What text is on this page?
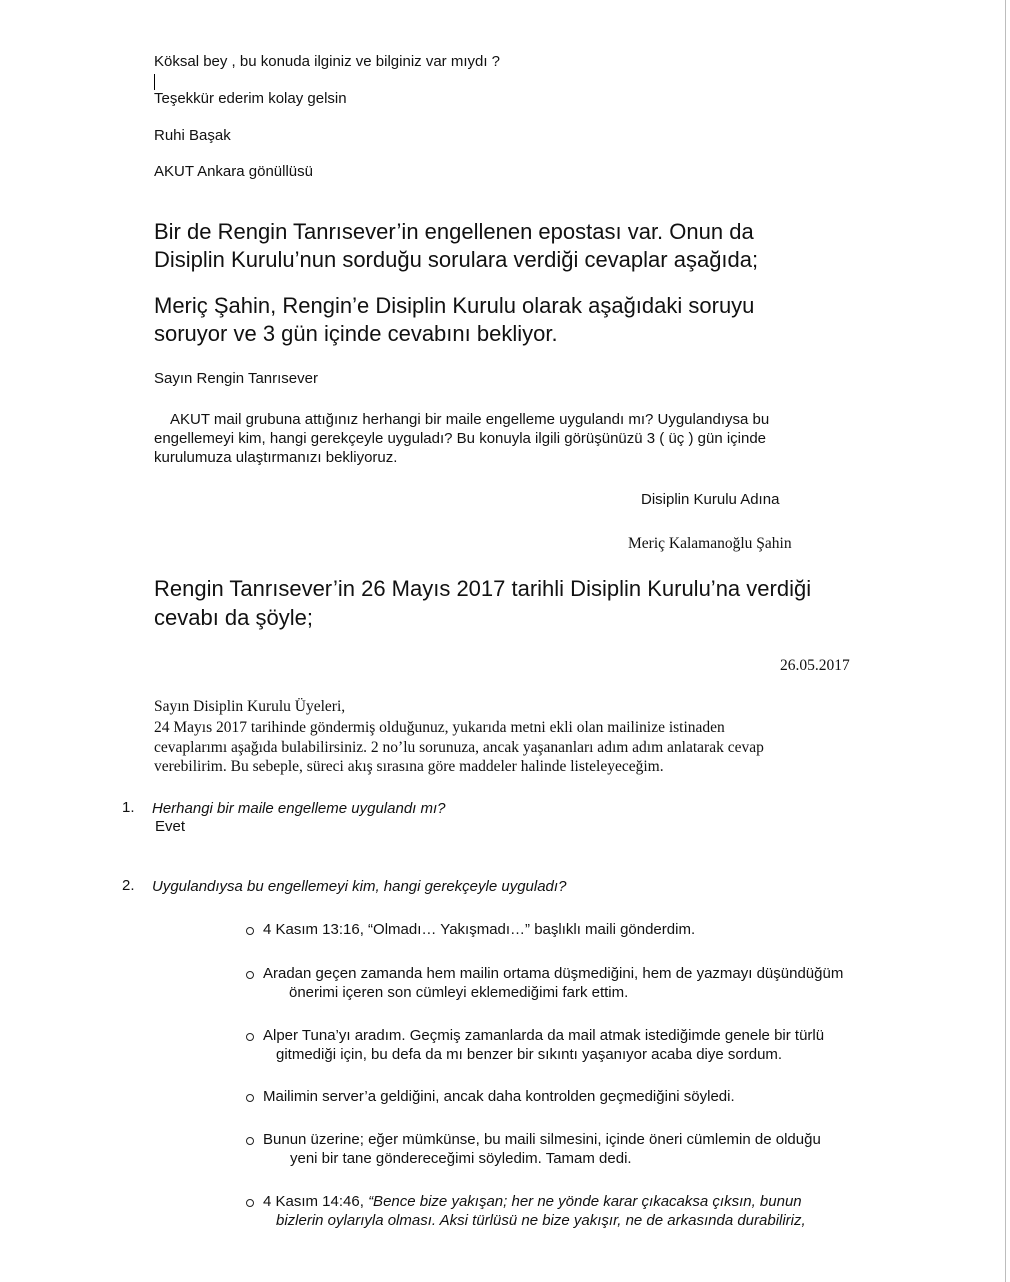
Köksal bey , bu konuda ilginiz ve bilginiz var mıydı ?

Teşekkür ederim kolay gelsin

Ruhi Başak

AKUT Ankara gönüllüsü

Bir de Rengin Tanrısever’in engellenen epostası var. Onun da

Disiplin Kurulu’nun sorduğu sorulara verdiği cevaplar aşağıda;

Meriç Şahin, Rengin’e Disiplin Kurulu olarak aşağıdaki soruyu

soruyor ve 3 gün içinde cevabını bekliyor.

Sayın Rengin Tanrısever

AKUT mail grubuna attığınız herhangi bir maile engelleme uygulandı mı? Uygulandıysa bu

engellemeyi kim, hangi gerekçeyle uyguladı? Bu konuyla ilgili görüşünüzü 3 ( üç ) gün içinde

kurulumuza ulaştırmanızı bekliyoruz.

Disiplin Kurulu Adına

Meriç Kalamanoğlu Şahin

Rengin Tanrısever’in 26 Mayıs 2017 tarihli Disiplin Kurulu’na verdiği

cevabı da şöyle;

26.05.2017

Sayın Disiplin Kurulu Üyeleri,

24 Mayıs 2017 tarihinde göndermiş olduğunuz, yukarıda metni ekli olan mailinize istinaden

cevaplarımı aşağıda bulabilirsiniz. 2 no’lu sorunuza, ancak yaşananları adım adım anlatarak cevap

verebilirim. Bu sebeple, süreci akış sırasına göre maddeler halinde listeleyeceğim.

1. Herhangi bir maile engelleme uygulandı mı?

Evet

2. Uygulandıysa bu engellemeyi kim, hangi gerekçeyle uyguladı?

4 Kasım 13:16, “Olmadı… Yakışmadı…” başlıklı maili gönderdim.
Aradan geçen zamanda hem mailin ortama düşmediğini, hem de yazmayı düşündüğüm
önerimi içeren son cümleyi eklemediğimi fark ettim.
Alper Tuna’yı aradım. Geçmiş zamanlarda da mail atmak istediğimde genele bir türlü
gitmediği için, bu defa da mı benzer bir sıkıntı yaşanıyor acaba diye sordum.
Mailimin server’a geldiğini, ancak daha kontrolden geçmediğini söyledi.
Bunun üzerine; eğer mümkünse, bu maili silmesini, içinde öneri cümlemin de olduğu
yeni bir tane göndereceğimi söyledim. Tamam dedi.
4 Kasım 14:46, “Bence bize yakışan; her ne yönde karar çıkacaksa çıksın, bunun
bizlerin oylarıyla olması. Aksi türlüsü ne bize yakışır, ne de arkasında durabiliriz,
